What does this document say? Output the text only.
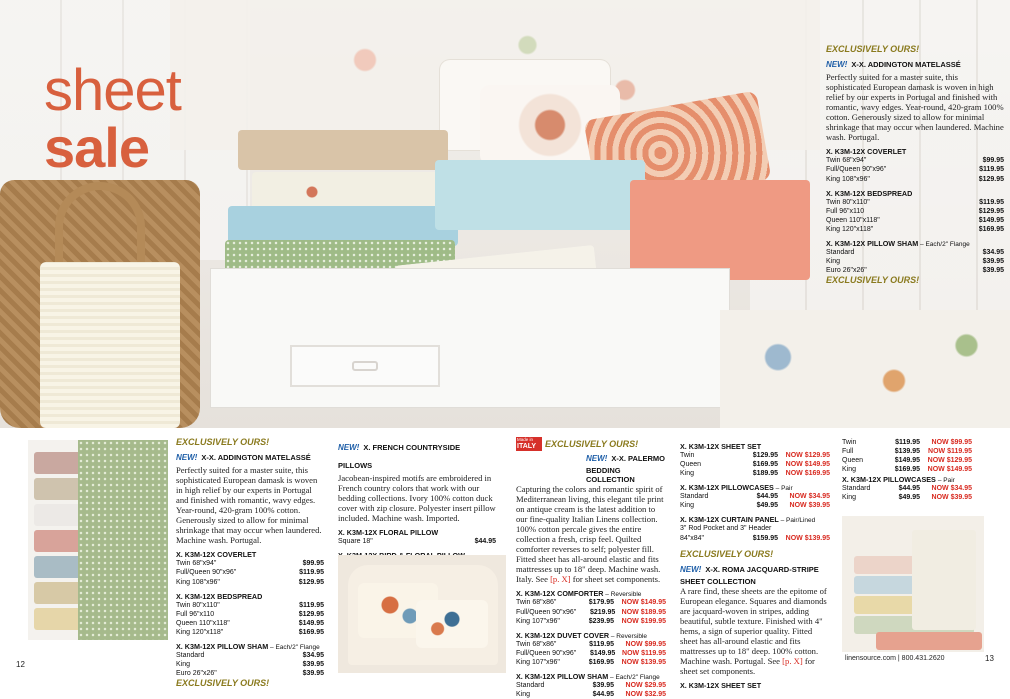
sheet
sale
EXCLUSIVELY OURS!
NEW! X-X. ADDINGTON MATELASSÉ
Perfectly suited for a master suite, this sophisticated European damask is woven in high relief by our experts in Portugal and finished with romantic, wavy edges. Year-round, 420-gram 100% cotton. Generously sized to allow for minimal shrinkage that may occur when laundered. Machine wash. Portugal.
X. K3M-12X COVERLET
Twin 68"x94"	$99.95
Full/Queen 90"x96"	$119.95
King 108"x96"	$129.95
X. K3M-12X BEDSPREAD
Twin 80"x110"	$119.95
Full 96"x110	$129.95
Queen 110"x118"	$149.95
King 120"x118"	$169.95
X. K3M-12X PILLOW SHAM – Each/2" Flange
Standard	$34.95
King	$39.95
Euro 26"x26"	$39.95
EXCLUSIVELY OURS!
EXCLUSIVELY OURS!
NEW! X-X. ADDINGTON MATELASSÉ
Perfectly suited for a master suite, this sophisticated European damask is woven in high relief by our experts in Portugal and finished with romantic, wavy edges. Year-round, 420-gram 100% cotton. Generously sized to allow for minimal shrinkage that may occur when laundered. Machine wash. Portugal.
X. K3M-12X COVERLET
Twin 68"x94"	$99.95
Full/Queen 90"x96"	$119.95
King 108"x96"	$129.95
X. K3M-12X BEDSPREAD
Twin 80"x110"	$119.95
Full 96"x110	$129.95
Queen 110"x118"	$149.95
King 120"x118"	$169.95
X. K3M-12X PILLOW SHAM – Each/2" Flange
Standard	$34.95
King	$39.95
Euro 26"x26"	$39.95
EXCLUSIVELY OURS!
NEW! X. FRENCH COUNTRYSIDE PILLOWS
Jacobean-inspired motifs are embroidered in French country colors that work with our bedding collections. Ivory 100% cotton duck cover with zip closure. Polyester insert pillow included. Machine wash. Imported.
X. K3M-12X FLORAL PILLOW
Square 18"	$44.95
Made in
ITALY EXCLUSIVELY OURS!
NEW! X-X. PALERMO
BEDDING COLLECTION
Capturing the colors and romantic spirit of Mediterranean living, this elegant tile print on antique cream is the latest addition to our fine-quality Italian Linens collection. 100% cotton percale gives the entire collection a fresh, crisp feel. Quilted comforter reverses to self; polyester fill. Fitted sheet has all-around elastic and fits mattresses up to 18" deep. Machine wash. Italy. See [p. X] for sheet set components.
X. K3M-12X COMFORTER – Reversible
Twin 68"x86"	$179.95	NOW $149.95
Full/Queen 90"x96"	$219.95 NOW $189.95
King 107"x96"	$239.95	NOW $199.95
X. K3M-12X DUVET COVER – Reversible
Twin 68"x86"	$119.95	NOW $99.95
Full/Queen 90"x96"	$149.95 NOW $119.95
King 107"x96"	$169.95	NOW $139.95
X. K3M-12X PILLOW SHAM – Each/2" Flange
Standard	$39.95	NOW $29.95
King	$44.95	NOW $32.95
X. K3M-12X SHEET SET
Twin	$129.95	NOW $129.95
Queen	$169.95	NOW $149.95
King	$189.95	NOW $169.95
X. K3M-12X PILLOWCASES – Pair
Standard	$44.95	NOW $34.95
King	$49.95	NOW $39.95
X. K3M-12X CURTAIN PANEL – Pair/Lined
3" Rod Pocket and 3" Header
84"x84"	$159.95	NOW $139.95
EXCLUSIVELY OURS!
NEW! X-X. ROMA JACQUARD-STRIPE
SHEET COLLECTION
A rare find, these sheets are the epitome of European elegance. Squares and diamonds are jacquard-woven in stripes, adding beautiful, subtle texture. Finished with 4" hems, a sign of superior quality. Fitted sheet has all-around elastic and fits mattresses up to 18" deep. 100% cotton. Machine wash. Portugal. See [p. X] for sheet set components.
X. K3M-12X SHEET SET
Twin	$119.95	NOW $99.95
Full	$139.95	NOW $119.95
Queen	$149.95	NOW $129.95
King	$169.95	NOW $149.95
X. K3M-12X PILLOWCASES – Pair
Standard	$44.95	NOW $34.95
King	$49.95	NOW $39.95
12
linensource.com | 800.431.2620	13
